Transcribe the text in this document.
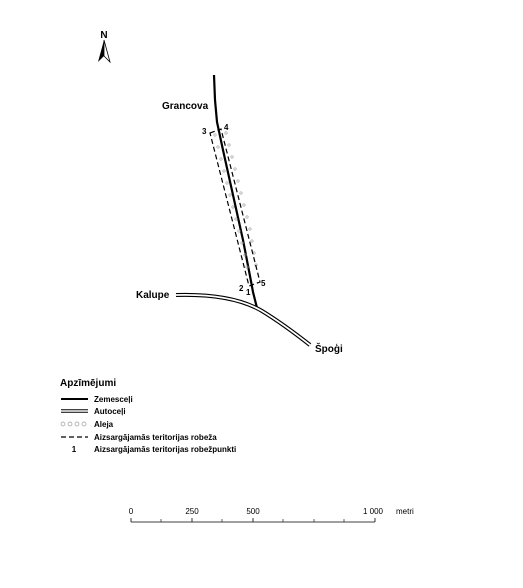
N
Grancova
Kalupe
Špoģi
1
2
3 4
5
Apzīmējumi
Zemesceļi
Autoceļi
Aleja
Aizsargājamās teritorijas robeža
1 Aizsargājamās teritorijas robežpunkti
0	250	500	1 000 metri
